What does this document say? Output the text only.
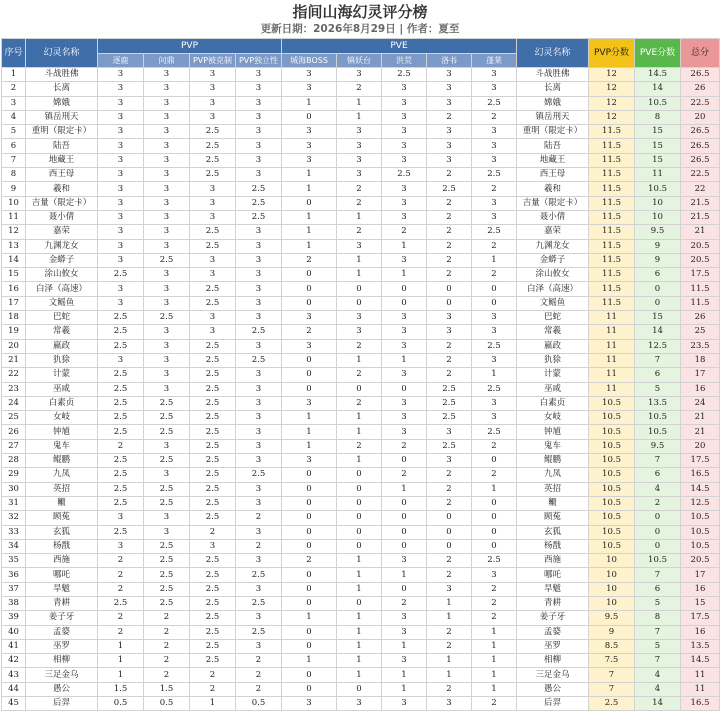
指间山海幻灵评分榜
更新日期：2026年8月29日 | 作者：夏至
序号	幻灵名称	PVP				PVE					幻灵名称	PVP分数	PVE分数	总分
		逐鹿	问鼎	PVP被克制	PVP独立性	城海BOSS	镇妖台	洪荒	洛书	蓬莱				
1	斗战胜佛	3	3	3	3	3	3	2.5	3	3	斗战胜佛	12	14.5	26.5
2	长离	3	3	3	3	3	2	3	3	3	长离	12	14	26
3	嫦娥	3	3	3	3	1	1	3	3	2.5	嫦娥	12	10.5	22.5
4	镇岳刑天	3	3	3	3	0	1	3	2	2	镇岳刑天	12	8	20
5	重明（限定卡）	3	3	2.5	3	3	3	3	3	3	重明（限定卡）	11.5	15	26.5
6	陆吾	3	3	2.5	3	3	3	3	3	3	陆吾	11.5	15	26.5
7	地藏王	3	3	2.5	3	3	3	3	3	3	地藏王	11.5	15	26.5
8	西王母	3	3	2.5	3	1	3	2.5	2	2.5	西王母	11.5	11	22.5
9	羲和	3	3	3	2.5	1	2	3	2.5	2	羲和	11.5	10.5	22
10	吉量（限定卡）	3	3	3	2.5	0	2	3	2	3	吉量（限定卡）	11.5	10	21.5
11	聂小倩	3	3	3	2.5	1	1	3	2	3	聂小倩	11.5	10	21.5
12	嘉荣	3	3	2.5	3	1	2	2	2	2.5	嘉荣	11.5	9.5	21
13	九渊龙女	3	3	2.5	3	1	3	1	2	2	九渊龙女	11.5	9	20.5
14	金蟒子	3	2.5	3	3	2	1	3	2	1	金蟒子	11.5	9	20.5
15	涂山攸女	2.5	3	3	3	0	1	1	2	2	涂山攸女	11.5	6	17.5
16	白泽（高速）	3	3	2.5	3	0	0	0	0	0	白泽（高速）	11.5	0	11.5
17	文鳐鱼	3	3	2.5	3	0	0	0	0	0	文鳐鱼	11.5	0	11.5
18	巴蛇	2.5	2.5	3	3	3	3	3	3	3	巴蛇	11	15	26
19	常羲	2.5	3	3	2.5	2	3	3	3	3	常羲	11	14	25
20	嬴政	2.5	3	2.5	3	3	2	3	2	2.5	嬴政	11	12.5	23.5
21	犰狳	3	3	2.5	2.5	0	1	1	2	3	犰狳	11	7	18
22	计蒙	2.5	3	2.5	3	0	2	3	2	1	计蒙	11	6	17
23	巫咸	2.5	3	2.5	3	0	0	0	2.5	2.5	巫咸	11	5	16
24	白素贞	2.5	2.5	2.5	3	3	2	3	2.5	3	白素贞	10.5	13.5	24
25	女岐	2.5	2.5	2.5	3	1	1	3	2.5	3	女岐	10.5	10.5	21
26	钟馗	2.5	2.5	2.5	3	1	1	3	3	2.5	钟馗	10.5	10.5	21
27	鬼车	2	3	2.5	3	1	2	2	2.5	2	鬼车	10.5	9.5	20
28	鲲鹏	2.5	2.5	2.5	3	3	1	0	3	0	鲲鹏	10.5	7	17.5
29	九凤	2.5	3	2.5	2.5	0	0	2	2	2	九凤	10.5	6	16.5
30	英招	2.5	2.5	2.5	3	0	0	1	2	1	英招	10.5	4	14.5
31	毈	2.5	2.5	2.5	3	0	0	0	2	0	毈	10.5	2	12.5
32	顾菟	3	3	2.5	2	0	0	0	0	0	顾菟	10.5	0	10.5
33	玄狐	2.5	3	2	3	0	0	0	0	0	玄狐	10.5	0	10.5
34	杨戬	3	2.5	3	2	0	0	0	0	0	杨戬	10.5	0	10.5
35	西施	2	2.5	2.5	3	2	1	3	2	2.5	西施	10	10.5	20.5
36	哪吒	2	2.5	2.5	2.5	0	1	1	2	3	哪吒	10	7	17
37	旱魃	2	2.5	2.5	3	0	1	0	3	2	旱魃	10	6	16
38	青耕	2.5	2.5	2.5	2.5	0	0	2	1	2	青耕	10	5	15
39	姜子牙	2	2	2.5	3	1	1	3	1	2	姜子牙	9.5	8	17.5
40	孟婆	2	2	2.5	2.5	0	1	3	2	1	孟婆	9	7	16
41	巫罗	1	2	2.5	3	0	1	1	2	1	巫罗	8.5	5	13.5
42	相柳	1	2	2.5	2	1	1	3	1	1	相柳	7.5	7	14.5
43	三足金乌	1	2	2	2	0	1	1	1	1	三足金乌	7	4	11
44	愚公	1.5	1.5	2	2	0	0	1	2	1	愚公	7	4	11
45	后羿	0.5	0.5	1	0.5	3	3	3	3	2	后羿	2.5	14	16.5
